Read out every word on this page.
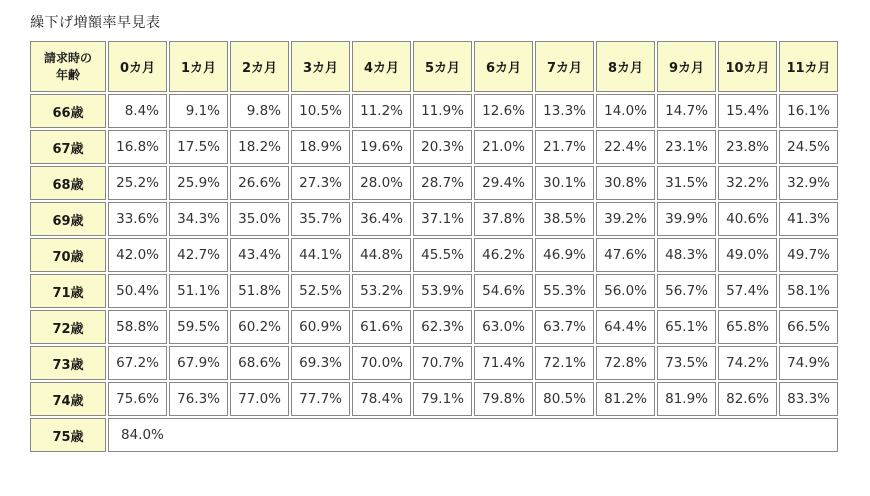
繰下げ増額率早見表
請求時の
年齢	0カ月	1カ月	2カ月	3カ月	4カ月	5カ月	6カ月	7カ月	8カ月	9カ月	10カ月	11カ月
66歳	8.4%	9.1%	9.8%	10.5%	11.2%	11.9%	12.6%	13.3%	14.0%	14.7%	15.4%	16.1%
67歳	16.8%	17.5%	18.2%	18.9%	19.6%	20.3%	21.0%	21.7%	22.4%	23.1%	23.8%	24.5%
68歳	25.2%	25.9%	26.6%	27.3%	28.0%	28.7%	29.4%	30.1%	30.8%	31.5%	32.2%	32.9%
69歳	33.6%	34.3%	35.0%	35.7%	36.4%	37.1%	37.8%	38.5%	39.2%	39.9%	40.6%	41.3%
70歳	42.0%	42.7%	43.4%	44.1%	44.8%	45.5%	46.2%	46.9%	47.6%	48.3%	49.0%	49.7%
71歳	50.4%	51.1%	51.8%	52.5%	53.2%	53.9%	54.6%	55.3%	56.0%	56.7%	57.4%	58.1%
72歳	58.8%	59.5%	60.2%	60.9%	61.6%	62.3%	63.0%	63.7%	64.4%	65.1%	65.8%	66.5%
73歳	67.2%	67.9%	68.6%	69.3%	70.0%	70.7%	71.4%	72.1%	72.8%	73.5%	74.2%	74.9%
74歳	75.6%	76.3%	77.0%	77.7%	78.4%	79.1%	79.8%	80.5%	81.2%	81.9%	82.6%	83.3%
75歳	84.0%											
